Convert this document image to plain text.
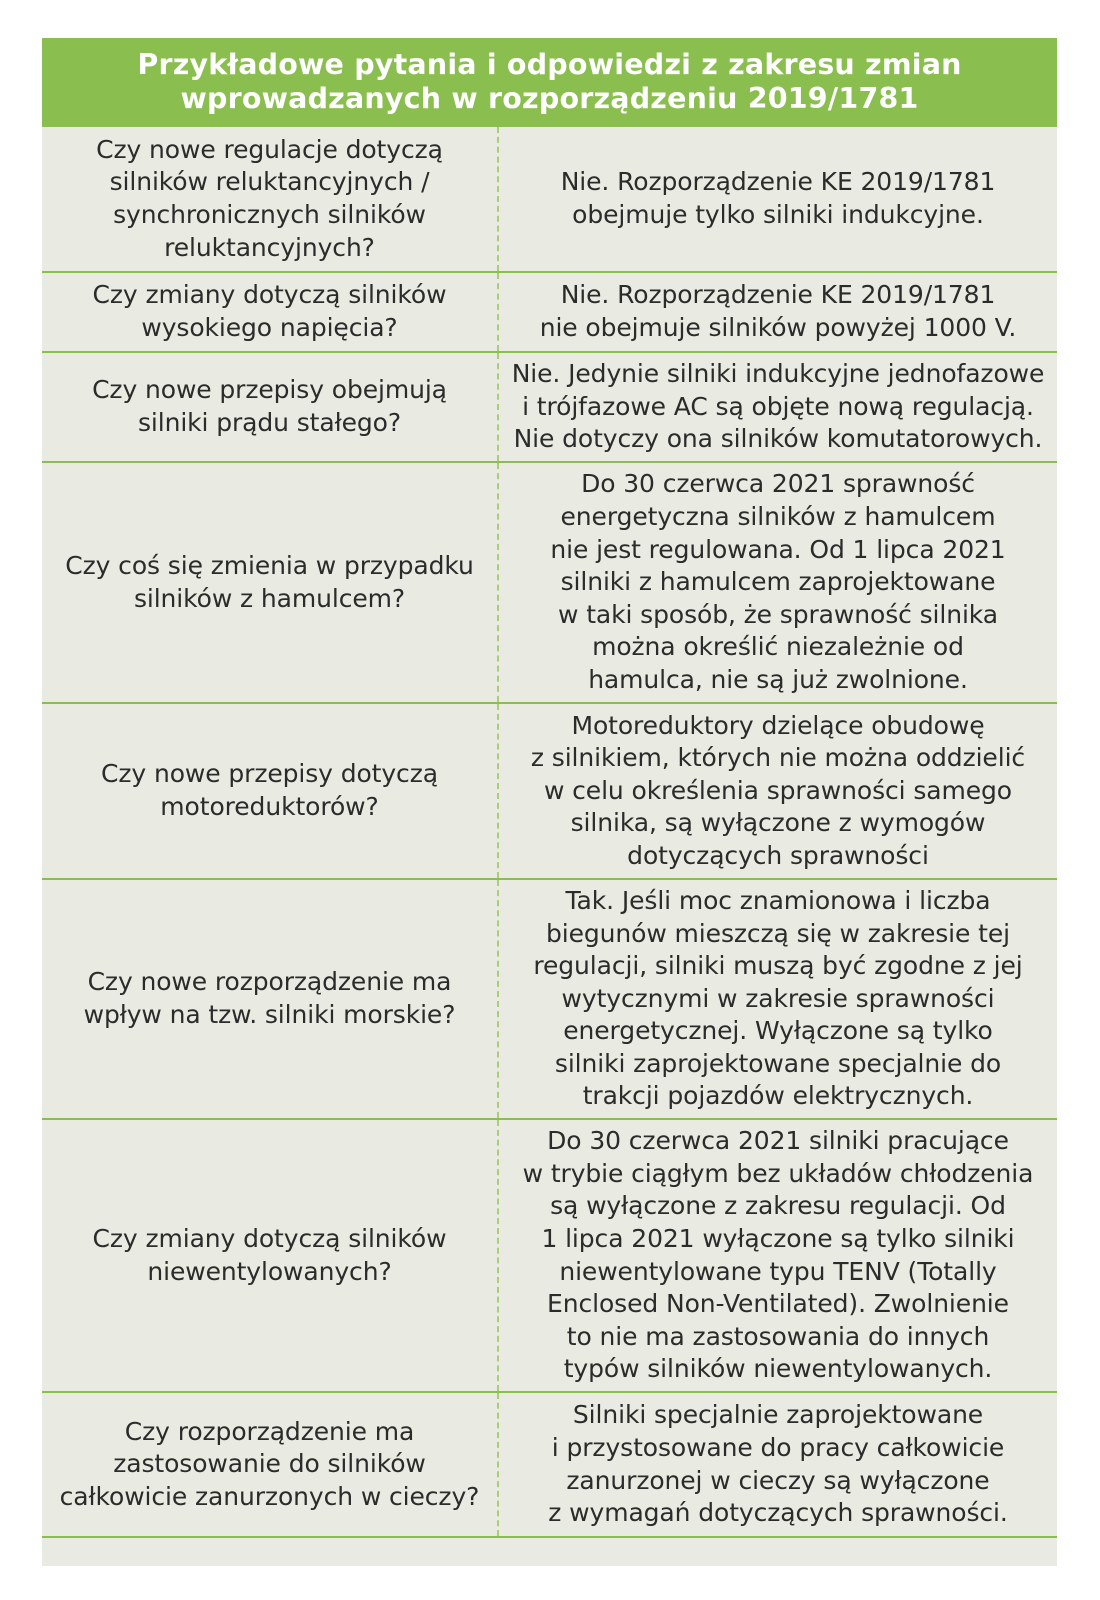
Przykładowe pytania i odpowiedzi z zakresu zmian
wprowadzanych w rozporządzeniu 2019/1781
Czy nowe regulacje dotyczą
silników reluktancyjnych /
synchronicznych silników
reluktancyjnych?
Nie. Rozporządzenie KE 2019/1781
obejmuje tylko silniki indukcyjne.
Czy zmiany dotyczą silników
wysokiego napięcia?
Nie. Rozporządzenie KE 2019/1781
nie obejmuje silników powyżej 1000 V.
Czy nowe przepisy obejmują
silniki prądu stałego?
Nie. Jedynie silniki indukcyjne jednofazowe
i trójfazowe AC są objęte nową regulacją.
Nie dotyczy ona silników komutatorowych.
Czy coś się zmienia w przypadku
silników z hamulcem?
Do 30 czerwca 2021 sprawność
energetyczna silników z hamulcem
nie jest regulowana. Od 1 lipca 2021
silniki z hamulcem zaprojektowane
w taki sposób, że sprawność silnika
można określić niezależnie od
hamulca, nie są już zwolnione.
Czy nowe przepisy dotyczą
motoreduktorów?
Motoreduktory dzielące obudowę
z silnikiem, których nie można oddzielić
w celu określenia sprawności samego
silnika, są wyłączone z wymogów
dotyczących sprawności
Czy nowe rozporządzenie ma
wpływ na tzw. silniki morskie?
Tak. Jeśli moc znamionowa i liczba
biegunów mieszczą się w zakresie tej
regulacji, silniki muszą być zgodne z jej
wytycznymi w zakresie sprawności
energetycznej. Wyłączone są tylko
silniki zaprojektowane specjalnie do
trakcji pojazdów elektrycznych.
Czy zmiany dotyczą silników
niewentylowanych?
Do 30 czerwca 2021 silniki pracujące
w trybie ciągłym bez układów chłodzenia
są wyłączone z zakresu regulacji. Od
1 lipca 2021 wyłączone są tylko silniki
niewentylowane typu TENV (Totally
Enclosed Non-Ventilated). Zwolnienie
to nie ma zastosowania do innych
typów silników niewentylowanych.
Czy rozporządzenie ma
zastosowanie do silników
całkowicie zanurzonych w cieczy?
Silniki specjalnie zaprojektowane
i przystosowane do pracy całkowicie
zanurzonej w cieczy są wyłączone
z wymagań dotyczących sprawności.
